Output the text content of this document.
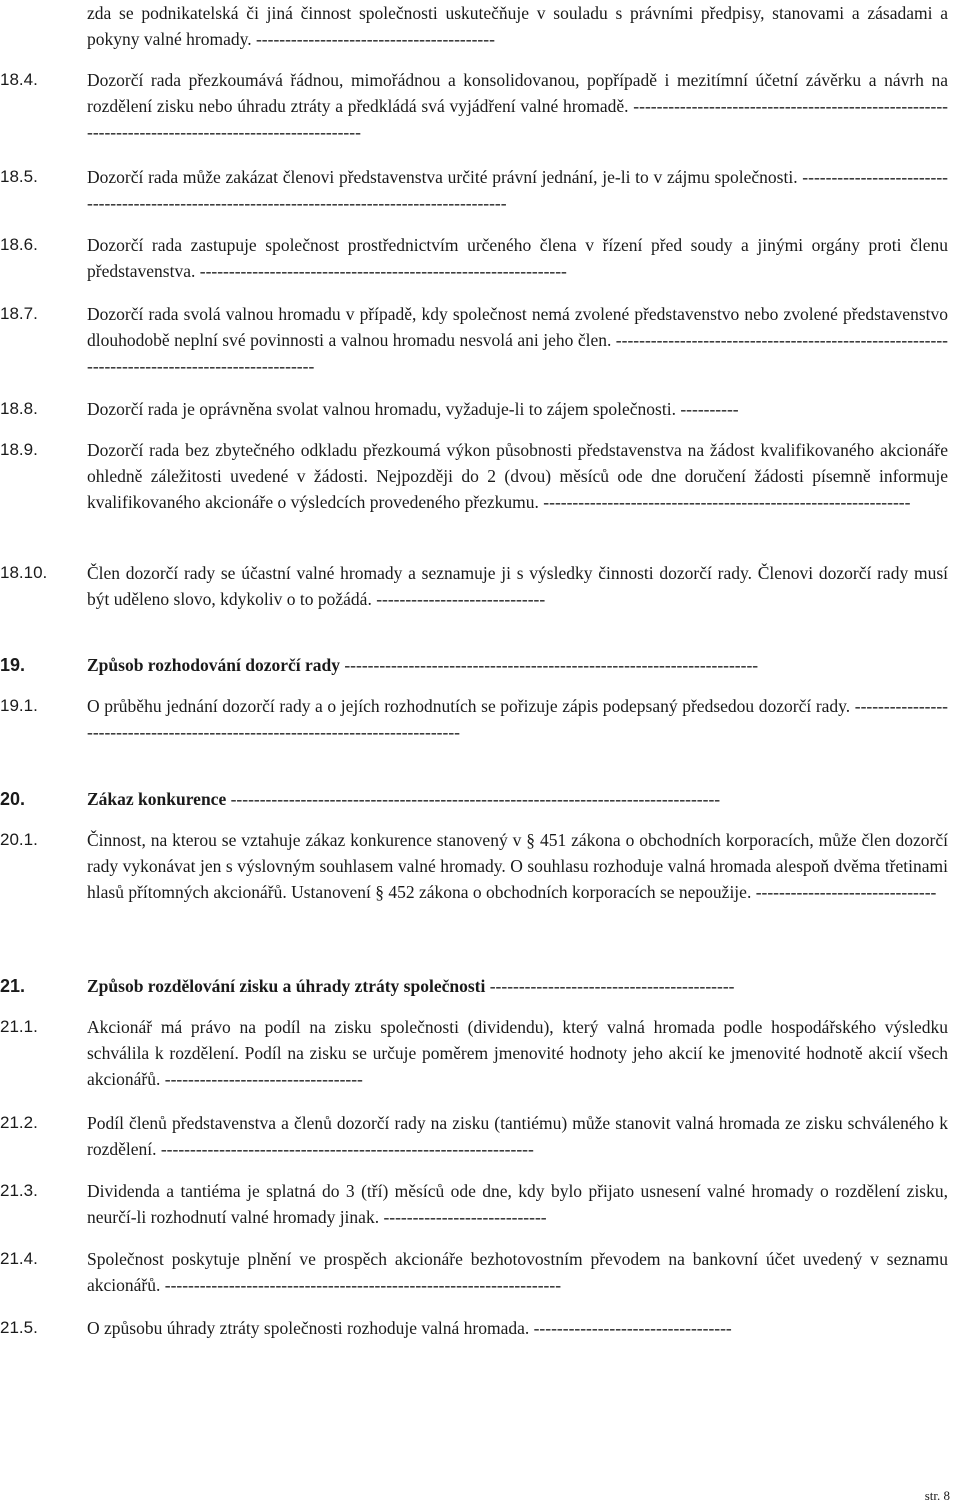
zda se podnikatelská či jiná činnost společnosti uskutečňuje v souladu s právními předpisy, stanovami a zásadami a pokyny valné hromady. -----------------------------------------
18.4.	Dozorčí rada přezkoumává řádnou, mimořádnou a konsolidovanou, popřípadě i mezitímní účetní závěrku a návrh na rozdělení zisku nebo úhradu ztráty a předkládá svá vyjádření valné hromadě. -----------------------------------------------------------------------------------------------------
18.5.	Dozorčí rada může zakázat členovi představenstva určité právní jednání, je-li to v zájmu společnosti. -------------------------------------------------------------------------------------------------
18.6.	Dozorčí rada zastupuje společnost prostřednictvím určeného člena v řízení před soudy a jinými orgány proti členu představenstva. ---------------------------------------------------------------
18.7.	Dozorčí rada svolá valnou hromadu v případě, kdy společnost nemá zvolené představenstvo nebo zvolené představenstvo dlouhodobě neplní své povinnosti a valnou hromadu nesvolá ani jeho člen. ------------------------------------------------------------------------------------------------
18.8.	Dozorčí rada je oprávněna svolat valnou hromadu, vyžaduje-li to zájem společnosti. ----------
18.9.	Dozorčí rada bez zbytečného odkladu přezkoumá výkon působnosti představenstva na žádost kvalifikovaného akcionáře ohledně záležitosti uvedené v žádosti. Nejpozději do 2 (dvou) měsíců ode dne doručení žádosti písemně informuje kvalifikovaného akcionáře o výsledcích provedeného přezkumu. ---------------------------------------------------------------
18.10. Člen dozorčí rady se účastní valné hromady a seznamuje ji s výsledky činnosti dozorčí rady. Členovi dozorčí rady musí být uděleno slovo, kdykoliv o to požádá. -----------------------------
19.	Způsob rozhodování dozorčí rady -----------------------------------------------------------------------
19.1.	O průběhu jednání dozorčí rady a o jejích rozhodnutích se pořizuje zápis podepsaný předsedou dozorčí rady. --------------------------------------------------------------------------------
20.	Zákaz konkurence ------------------------------------------------------------------------------------
20.1.	Činnost, na kterou se vztahuje zákaz konkurence stanovený v § 451 zákona o obchodních korporacích, může člen dozorčí rady vykonávat jen s výslovným souhlasem valné hromady. O souhlasu rozhoduje valná hromada alespoň dvěma třetinami hlasů přítomných akcionářů. Ustanovení § 452 zákona o obchodních korporacích se nepoužije. -------------------------------
21.	Způsob rozdělování zisku a úhrady ztráty společnosti ------------------------------------------
21.1.	Akcionář má právo na podíl na zisku společnosti (dividendu), který valná hromada podle hospodářského výsledku schválila k rozdělení. Podíl na zisku se určuje poměrem jmenovité hodnoty jeho akcií ke jmenovité hodnotě akcií všech akcionářů. ----------------------------------
21.2.	Podíl členů představenstva a členů dozorčí rady na zisku (tantiému) může stanovit valná hromada ze zisku schváleného k rozdělení. ----------------------------------------------------------------
21.3.	Dividenda a tantiéma je splatná do 3 (tří) měsíců ode dne, kdy bylo přijato usnesení valné hromady o rozdělení zisku, neurčí-li rozhodnutí valné hromady jinak. ----------------------------
21.4.	Společnost poskytuje plnění ve prospěch akcionáře bezhotovostním převodem na bankovní účet uvedený v seznamu akcionářů. --------------------------------------------------------------------
21.5.	O způsobu úhrady ztráty společnosti rozhoduje valná hromada. ----------------------------------
str. 8
